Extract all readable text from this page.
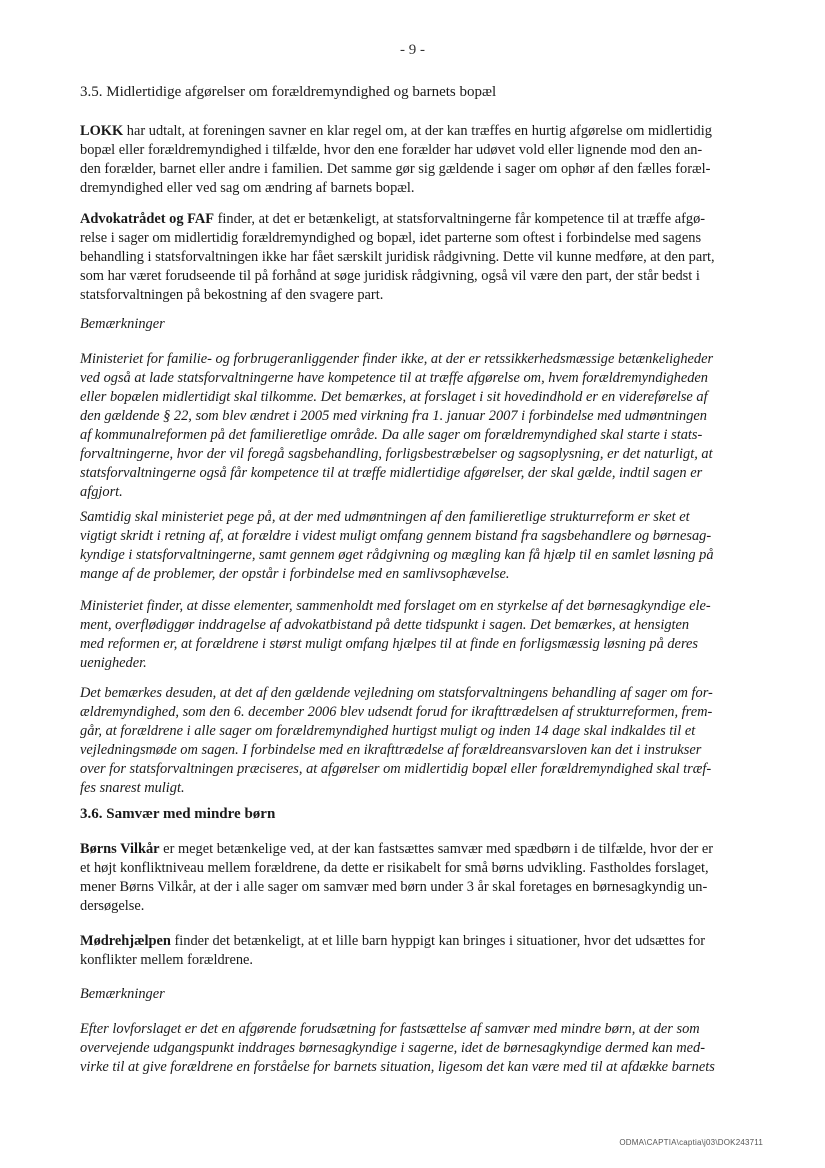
- 9 -
3.5. Midlertidige afgørelser om forældremyndighed og barnets bopæl
LOKK har udtalt, at foreningen savner en klar regel om, at der kan træffes en hurtig afgørelse om midlertidig
bopæl eller forældremyndighed i tilfælde, hvor den ene forælder har udøvet vold eller lignende mod den an-
den forælder, barnet eller andre i familien. Det samme gør sig gældende i sager om ophør af den fælles foræl-
dremyndighed eller ved sag om ændring af barnets bopæl.
Advokatrådet og FAF finder, at det er betænkeligt, at statsforvaltningerne får kompetence til at træffe afgø-
relse i sager om midlertidig forældremyndighed og bopæl, idet parterne som oftest i forbindelse med sagens
behandling i statsforvaltningen ikke har fået særskilt juridisk rådgivning. Dette vil kunne medføre, at den part,
som har været forudseende til på forhånd at søge juridisk rådgivning, også vil være den part, der står bedst i
statsforvaltningen på bekostning af den svagere part.
Bemærkninger
Ministeriet for familie- og forbrugeranliggender finder ikke, at der er retssikkerhedsmæssige betænkeligheder
ved også at lade statsforvaltningerne have kompetence til at træffe afgørelse om, hvem forældremyndigheden
eller bopælen midlertidigt skal tilkomme. Det bemærkes, at forslaget i sit hovedindhold er en videreførelse af
den gældende § 22, som blev ændret i 2005 med virkning fra 1. januar 2007 i forbindelse med udmøntningen
af kommunalreformen på det familieretlige område. Da alle sager om forældremyndighed skal starte i stats-
forvaltningerne, hvor der vil foregå sagsbehandling, forligsbestræbelser og sagsoplysning, er det naturligt, at
statsforvaltningerne også får kompetence til at træffe midlertidige afgørelser, der skal gælde, indtil sagen er
afgjort.
Samtidig skal ministeriet pege på, at der med udmøntningen af den familieretlige strukturreform er sket et
vigtigt skridt i retning af, at forældre i videst muligt omfang gennem bistand fra sagsbehandlere og børnesag-
kyndige i statsforvaltningerne, samt gennem øget rådgivning og mægling kan få hjælp til en samlet løsning på
mange af de problemer, der opstår i forbindelse med en samlivsophævelse.
Ministeriet finder, at disse elementer, sammenholdt med forslaget om en styrkelse af det børnesagkyndige ele-
ment, overflødiggør inddragelse af advokatbistand på dette tidspunkt i sagen. Det bemærkes, at hensigten
med reformen er, at forældrene i størst muligt omfang hjælpes til at finde en forligsmæssig løsning på deres
uenigheder.
Det bemærkes desuden, at det af den gældende vejledning om statsforvaltningens behandling af sager om for-
ældremyndighed, som den 6. december 2006 blev udsendt forud for ikrafttrædelsen af strukturreformen, frem-
går, at forældrene i alle sager om forældremyndighed hurtigst muligt og inden 14 dage skal indkaldes til et
vejledningsmøde om sagen. I forbindelse med en ikrafttrædelse af forældreansvarsloven kan det i instrukser
over for statsforvaltningen præciseres, at afgørelser om midlertidig bopæl eller forældremyndighed skal træf-
fes snarest muligt.
3.6. Samvær med mindre børn
Børns Vilkår er meget betænkelige ved, at der kan fastsættes samvær med spædbørn i de tilfælde, hvor der er
et højt konfliktniveau mellem forældrene, da dette er risikabelt for små børns udvikling. Fastholdes forslaget,
mener Børns Vilkår, at der i alle sager om samvær med børn under 3 år skal foretages en børnesagkyndig un-
dersøgelse.
Mødrehjælpen finder det betænkeligt, at et lille barn hyppigt kan bringes i situationer, hvor det udsættes for
konflikter mellem forældrene.
Bemærkninger
Efter lovforslaget er det en afgørende forudsætning for fastsættelse af samvær med mindre børn, at der som
overvejende udgangspunkt inddrages børnesagkyndige i sagerne, idet de børnesagkyndige dermed kan med-
virke til at give forældrene en forståelse for barnets situation, ligesom det kan være med til at afdække barnets
ODMA\CAPTIA\captia\j03\DOK243711
